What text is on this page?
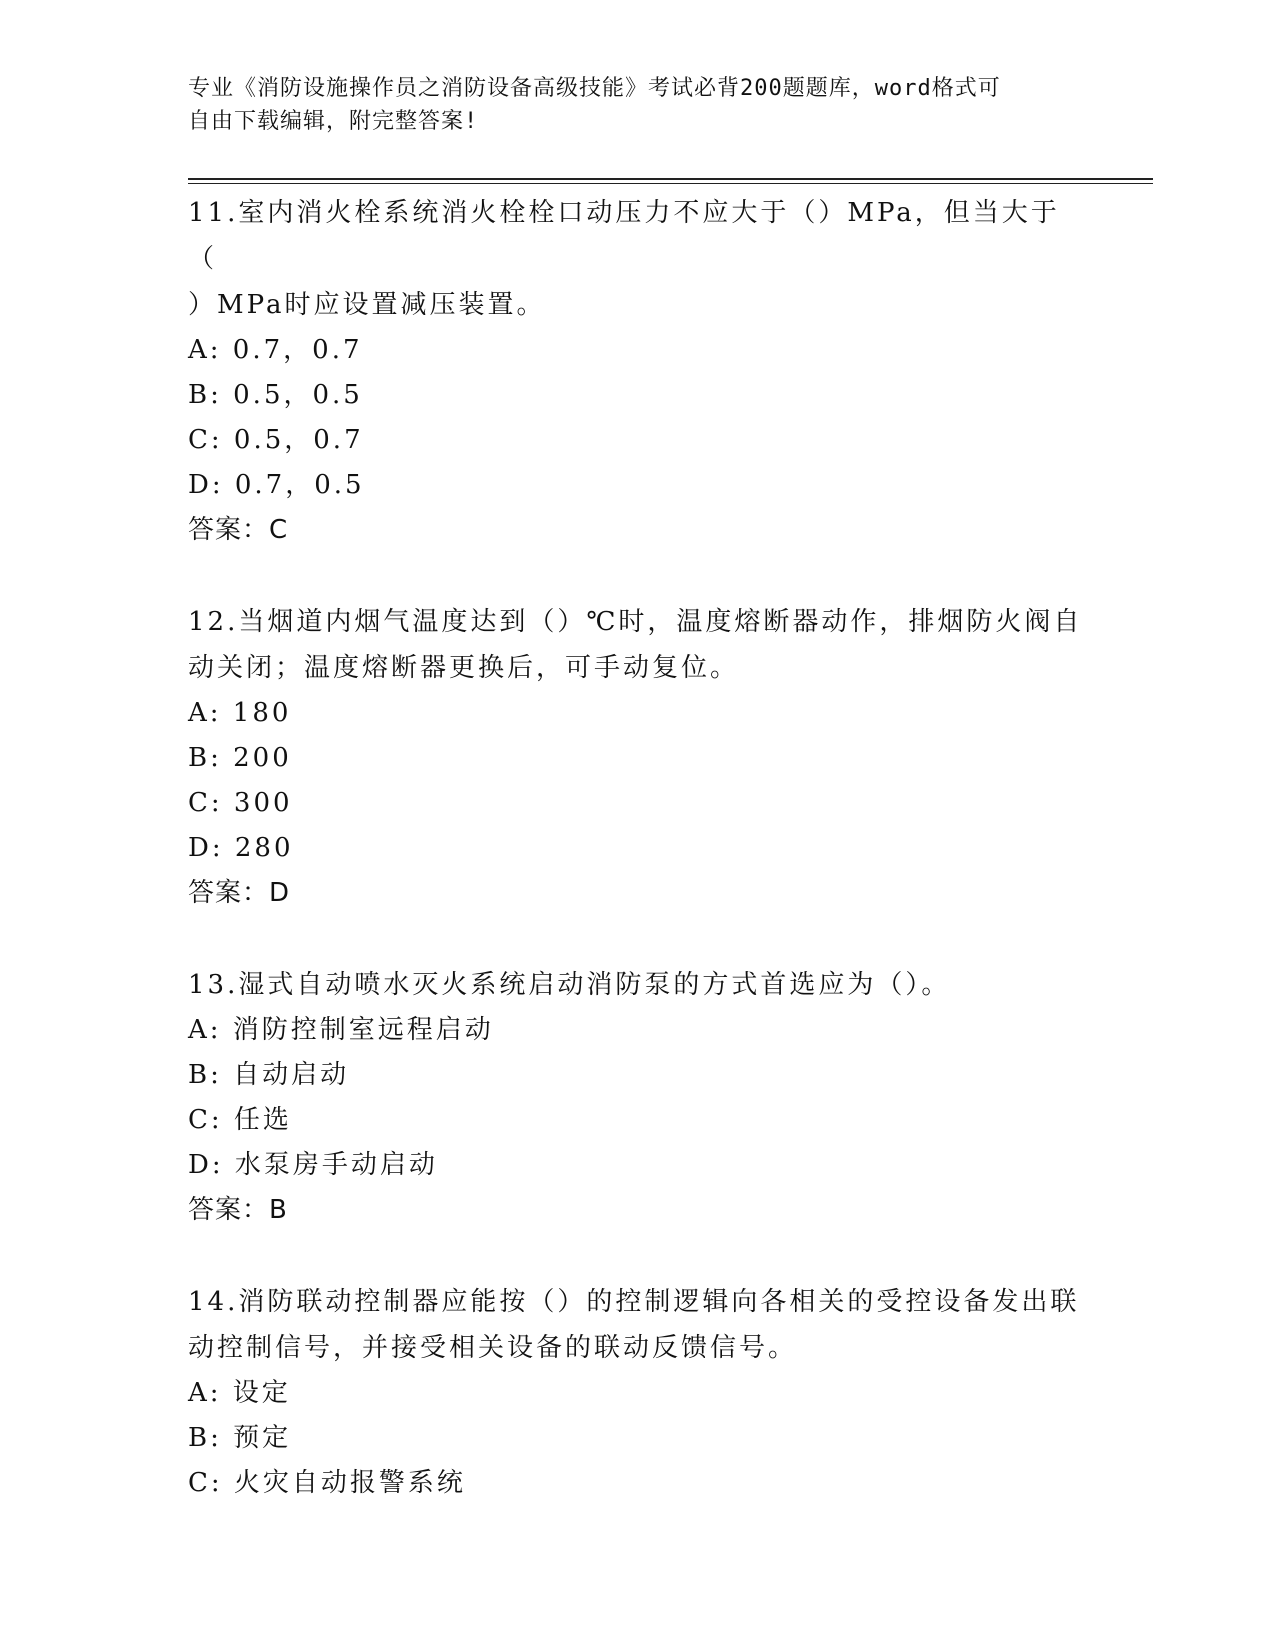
专业《消防设施操作员之消防设备高级技能》考试必背200题题库，word格式可
自由下载编辑，附完整答案!

11.室内消火栓系统消火栓栓口动压力不应大于（）MPa，但当大于（

）MPa时应设置减压装置。

A: 0.7，0.7

B: 0.5，0.5

C: 0.5，0.7

D: 0.7，0.5

答案：C

12.当烟道内烟气温度达到（）℃时，温度熔断器动作，排烟防火阀自

动关闭；温度熔断器更换后，可手动复位。

A: 180

B: 200

C: 300

D: 280

答案：D

13.湿式自动喷水灭火系统启动消防泵的方式首选应为（）。

A: 消防控制室远程启动

B: 自动启动

C: 任选

D: 水泵房手动启动

答案：B

14.消防联动控制器应能按（）的控制逻辑向各相关的受控设备发出联

动控制信号，并接受相关设备的联动反馈信号。

A: 设定

B: 预定

C: 火灾自动报警系统
